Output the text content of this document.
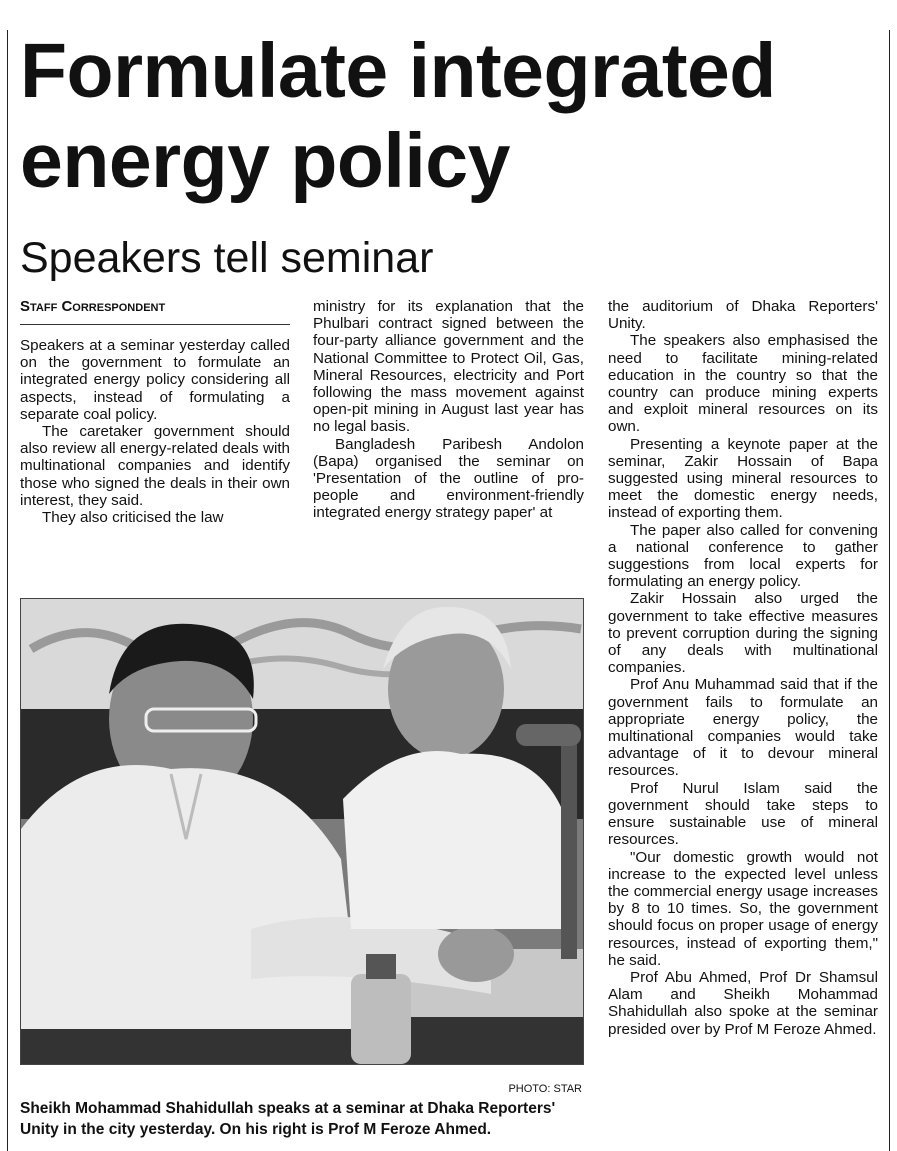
Formulate integrated
energy policy
Speakers tell seminar
Staff Correspondent

Speakers at a seminar yesterday called on the government to formulate an integrated energy policy considering all aspects, instead of formulating a separate coal policy.

The caretaker government should also review all energy-related deals with multinational companies and identify those who signed the deals in their own interest, they said.

They also criticised the law

ministry for its explanation that the Phulbari contract signed between the four-party alliance government and the National Committee to Protect Oil, Gas, Mineral Resources, electricity and Port following the mass movement against open-pit mining in August last year has no legal basis.

Bangladesh Paribesh Andolon (Bapa) organised the seminar on 'Presentation of the outline of pro-people and environment-friendly integrated energy strategy paper' at

the auditorium of Dhaka Reporters' Unity.

The speakers also emphasised the need to facilitate mining-related education in the country so that the country can produce mining experts and exploit mineral resources on its own.

Presenting a keynote paper at the seminar, Zakir Hossain of Bapa suggested using mineral resources to meet the domestic energy needs, instead of exporting them.

The paper also called for convening a national conference to gather suggestions from local experts for formulating an energy policy.

Zakir Hossain also urged the government to take effective measures to prevent corruption during the signing of any deals with multinational companies.

Prof Anu Muhammad said that if the government fails to formulate an appropriate energy policy, the multinational companies would take advantage of it to devour mineral resources.

Prof Nurul Islam said the government should take steps to ensure sustainable use of mineral resources.

"Our domestic growth would not increase to the expected level unless the commercial energy usage increases by 8 to 10 times. So, the government should focus on proper usage of energy resources, instead of exporting them," he said.

Prof Abu Ahmed, Prof Dr Shamsul Alam and Sheikh Mohammad Shahidullah also spoke at the seminar presided over by Prof M Feroze Ahmed.

PHOTO: STAR
Sheikh Mohammad Shahidullah speaks at a seminar at Dhaka Reporters' Unity in the city yesterday. On his right is Prof M Feroze Ahmed.
